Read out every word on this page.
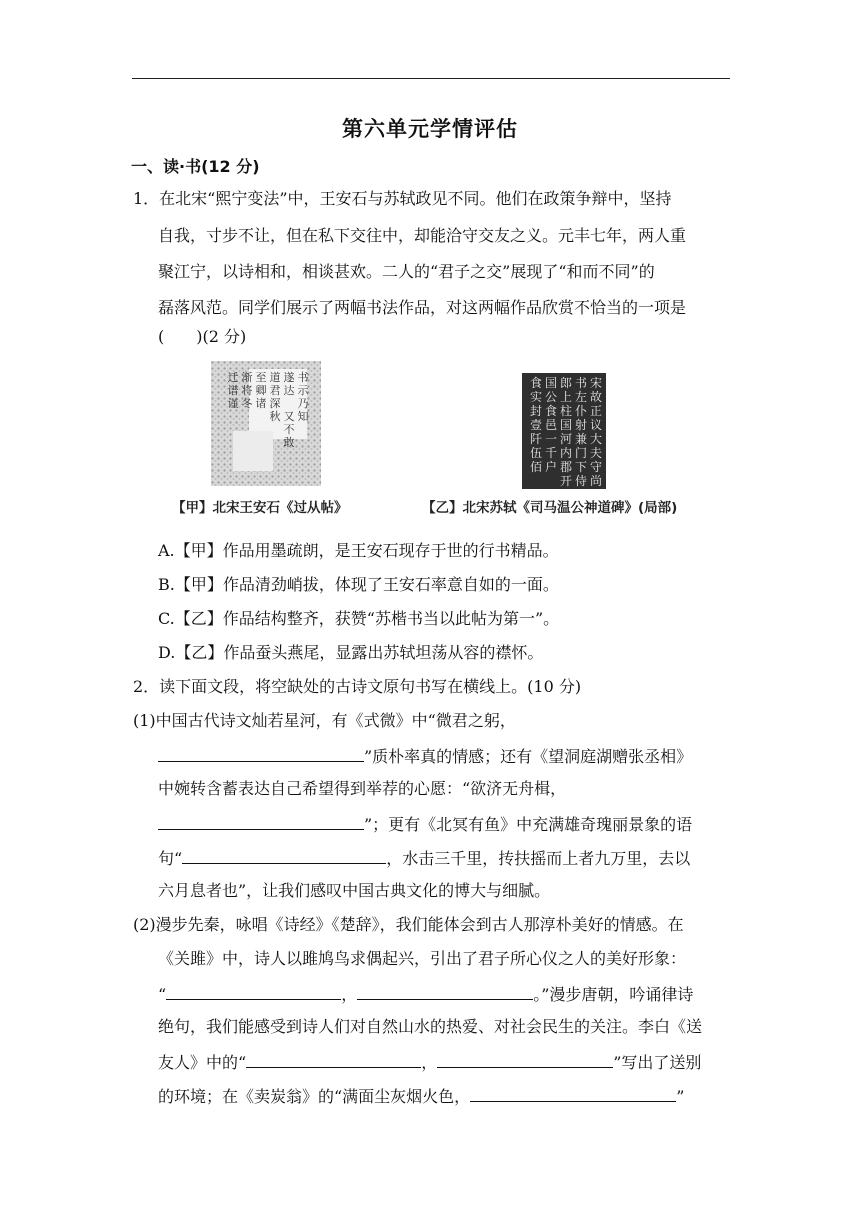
第六单元学情评估
一、读·书(12 分)
1．在北宋“熙宁变法”中，王安石与苏轼政见不同。他们在政策争辩中，坚持
自我，寸步不让，但在私下交往中，却能洽守交友之义。元丰七年，两人重
聚江宁，以诗相和，相谈甚欢。二人的“君子之交”展现了“和而不同”的
磊落风范。同学们展示了两幅书法作品，对这两幅作品欣赏不恰当的一项是
(　　)(2 分)
书
示
乃
知
遂
达
又
不
敢
道
君
深
秋
至
卿
诸
渐
将
冬
迁
谱
谨
【甲】北宋王安石《过从帖》
宋
故
正
议
大
夫
守
尚
书
左
仆
射
兼
门
下
侍
郎
上
柱
国
河
内
郡
开
国
公
食
邑
一
千
户
食
实
封
壹
阡
伍
佰
【乙】北宋苏轼《司马温公神道碑》(局部)
A.【甲】作品用墨疏朗，是王安石现存于世的行书精品。
B.【甲】作品清劲峭拔，体现了王安石率意自如的一面。
C.【乙】作品结构整齐，获赞“苏楷书当以此帖为第一”。
D.【乙】作品蚕头燕尾，显露出苏轼坦荡从容的襟怀。
2．读下面文段，将空缺处的古诗文原句书写在横线上。(10 分)
(1)中国古代诗文灿若星河，有《式微》中“微君之躬，
”质朴率真的情感；还有《望洞庭湖赠张丞相》
中婉转含蓄表达自己希望得到举荐的心愿：“欲济无舟楫，
”；更有《北冥有鱼》中充满雄奇瑰丽景象的语
句“	，水击三千里，抟扶摇而上者九万里，去以
六月息者也”，让我们感叹中国古典文化的博大与细腻。
(2)漫步先秦，咏唱《诗经》《楚辞》，我们能体会到古人那淳朴美好的情感。在
《关雎》中，诗人以雎鸠鸟求偶起兴，引出了君子所心仪之人的美好形象：
“	，	。”漫步唐朝，吟诵律诗
绝句，我们能感受到诗人们对自然山水的热爱、对社会民生的关注。李白《送
友人》中的“	，	”写出了送别
的环境；在《卖炭翁》的“满面尘灰烟火色，	”
